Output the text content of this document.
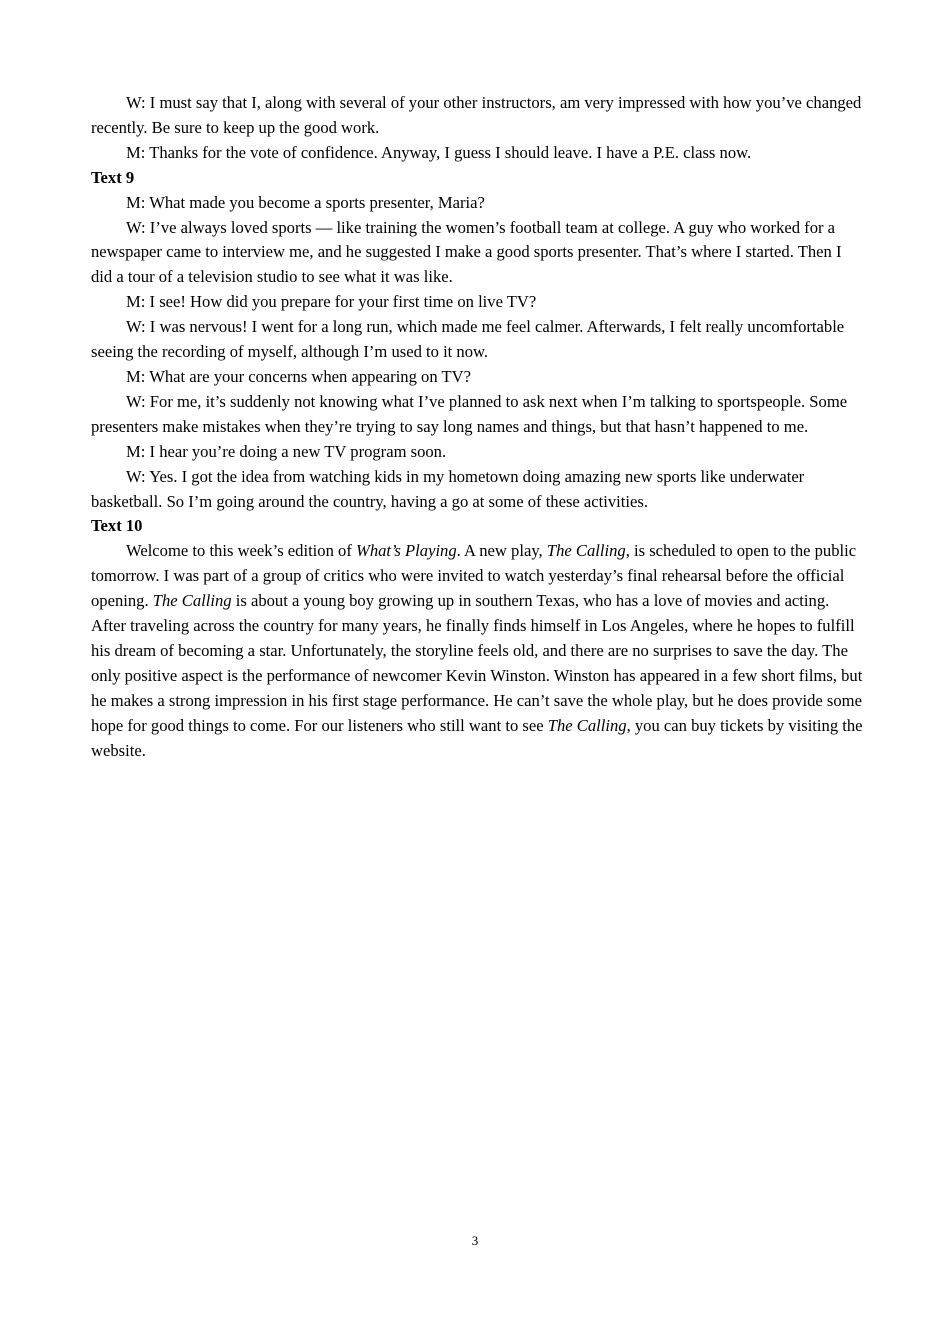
W: I must say that I, along with several of your other instructors, am very impressed with how you’ve changed recently. Be sure to keep up the good work.

M: Thanks for the vote of confidence. Anyway, I guess I should leave. I have a P.E. class now.

Text 9

M: What made you become a sports presenter, Maria?

W: I’ve always loved sports — like training the women’s football team at college. A guy who worked for a newspaper came to interview me, and he suggested I make a good sports presenter. That’s where I started. Then I did a tour of a television studio to see what it was like.

M: I see! How did you prepare for your first time on live TV?

W: I was nervous! I went for a long run, which made me feel calmer. Afterwards, I felt really uncomfortable seeing the recording of myself, although I’m used to it now.

M: What are your concerns when appearing on TV?

W: For me, it’s suddenly not knowing what I’ve planned to ask next when I’m talking to sportspeople. Some presenters make mistakes when they’re trying to say long names and things, but that hasn’t happened to me.

M: I hear you’re doing a new TV program soon.

W: Yes. I got the idea from watching kids in my hometown doing amazing new sports like underwater basketball. So I’m going around the country, having a go at some of these activities.

Text 10

Welcome to this week’s edition of What’s Playing. A new play, The Calling, is scheduled to open to the public tomorrow. I was part of a group of critics who were invited to watch yesterday’s final rehearsal before the official opening. The Calling is about a young boy growing up in southern Texas, who has a love of movies and acting. After traveling across the country for many years, he finally finds himself in Los Angeles, where he hopes to fulfill his dream of becoming a star. Unfortunately, the storyline feels old, and there are no surprises to save the day. The only positive aspect is the performance of newcomer Kevin Winston. Winston has appeared in a few short films, but he makes a strong impression in his first stage performance. He can’t save the whole play, but he does provide some hope for good things to come. For our listeners who still want to see The Calling, you can buy tickets by visiting the website.

3
